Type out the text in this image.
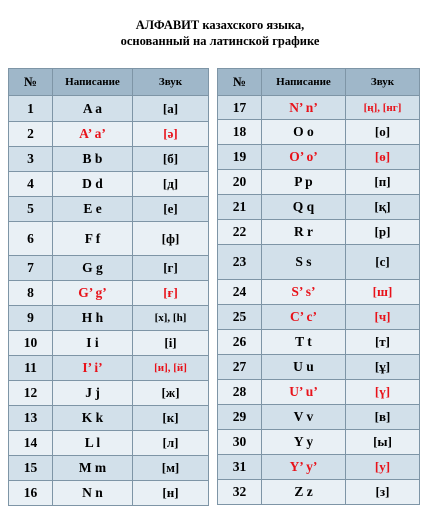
АЛФАВИТ казахского языка,
основанный на латинской графике
№	Написание	Звук
1	A a	[а]
2	A’ a’	[ә]
3	B b	[б]
4	D d	[д]
5	E e	[е]
6	F f	[ф]
7	G g	[г]
8	G’ g’	[ғ]
9	H h	[х], [h]
10	I i	[і]
11	I’ i’	[и], [й]
12	J j	[ж]
13	K k	[к]
14	L l	[л]
15	M m	[м]
16	N n	[н]
№	Написание	Звук
17	N’ n’	[ң], [нг]
18	O o	[о]
19	O’ o’	[ө]
20	P p	[п]
21	Q q	[қ]
22	R r	[р]
23	S s	[с]
24	S’ s’	[ш]
25	C’ c’	[ч]
26	T t	[т]
27	U u	[ұ]
28	U’ u’	[ү]
29	V v	[в]
30	Y y	[ы]
31	Y’ y’	[у]
32	Z z	[з]
